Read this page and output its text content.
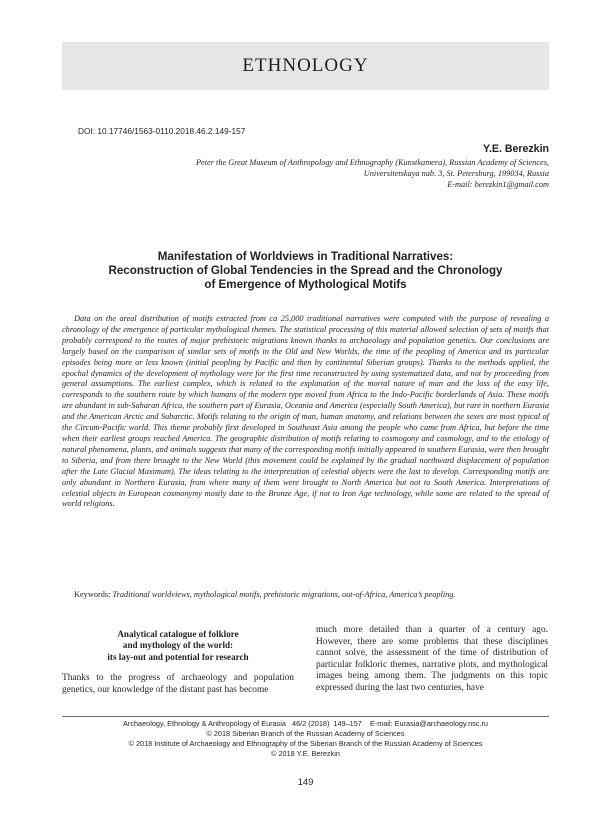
ETHNOLOGY
DOI: 10.17746/1563-0110.2018.46.2.149-157
Y.E. Berezkin
Peter the Great Museum of Anthropology and Ethnography (Kunstkamera), Russian Academy of Sciences,
Universitetskaya nab. 3, St. Petersburg, 199034, Russia
E-mail: berezkin1@gmail.com
Manifestation of Worldviews in Traditional Narratives:
Reconstruction of Global Tendencies in the Spread and the Chronology
of Emergence of Mythological Motifs

Data on the areal distribution of motifs extracted from ca 25,000 traditional narratives were computed with the purpose of revealing a chronology of the emergence of particular mythological themes. The statistical processing of this material allowed selection of sets of motifs that probably correspond to the routes of major prehistoric migrations known thanks to archaeology and population genetics. Our conclusions are largely based on the comparison of similar sets of motifs in the Old and New Worlds, the time of the peopling of America and its particular episodes being more or less known (initial peopling by Pacific and then by continental Siberian groups). Thanks to the methods applied, the epochal dynamics of the development of mythology were for the first time reconstructed by using systematized data, and not by proceeding from general assumptions. The earliest complex, which is related to the explanation of the mortal nature of man and the loss of the easy life, corresponds to the southern route by which humans of the modern type moved from Africa to the Indo-Pacific borderlands of Asia. These motifs are abundant in sub-Saharan Africa, the southern part of Eurasia, Oceania and America (especially South America), but rare in northern Eurasia and the American Arctic and Subarctic. Motifs relating to the origin of man, human anatomy, and relations between the sexes are most typical of the Circum-Pacific world. This theme probably first developed in Southeast Asia among the people who came from Africa, but before the time when their earliest groups reached America. The geographic distribution of motifs relating to cosmogony and cosmology, and to the etiology of natural phenomena, plants, and animals suggests that many of the corresponding motifs initially appeared in southern Eurasia, were then brought to Siberia, and from there brought to the New World (this movement could be explained by the gradual northward displacement of population after the Late Glacial Maximum). The ideas relating to the interpretation of celestial objects were the last to develop. Corresponding motifs are only abundant in Northern Eurasia, from where many of them were brought to North America but not to South America. Interpretations of celestial objects in European cosmonymy mostly date to the Bronze Age, if not to Iron Age technology, while some are related to the spread of world religions.

Keywords: Traditional worldviews, mythological motifs, prehistoric migrations, out-of-Africa, America’s peopling.

Analytical catalogue of folklore
and mythology of the world:
its lay-out and potential for research

Thanks to the progress of archaeology and population genetics, our knowledge of the distant past has become

much more detailed than a quarter of a century ago. However, there are some problems that these disciplines cannot solve, the assessment of the time of distribution of particular folkloric themes, narrative plots, and mythological images being among them. The judgments on this topic expressed during the last two centuries, have

Archaeology, Ethnology & Anthropology of Eurasia   46/2 (2018)  149–157    E-mail: Eurasia@archaeology.nsc.ru
© 2018 Siberian Branch of the Russian Academy of Sciences
© 2018 Institute of Archaeology and Ethnography of the Siberian Branch of the Russian Academy of Sciences
© 2018 Y.E. Berezkin
149
